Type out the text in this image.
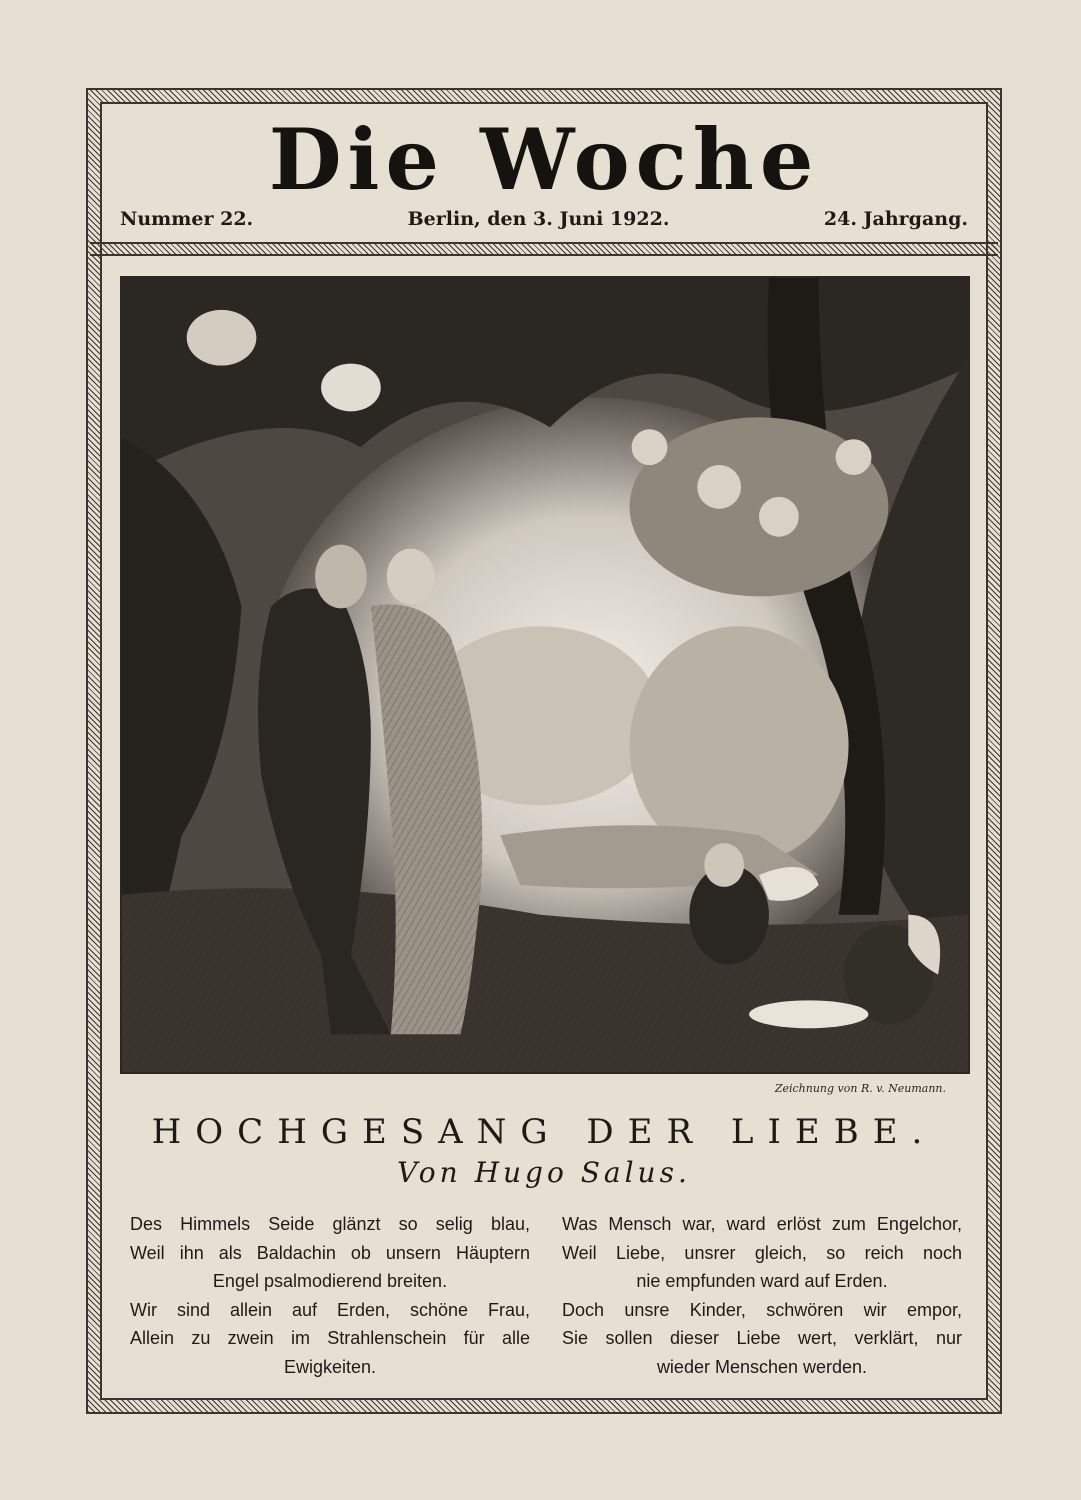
Die Woche
Nummer 22.	Berlin, den 3. Juni 1922.	24. Jahrgang.
Zeichnung von R. v. Neumann.
HOCHGESANG DER LIEBE.
Von Hugo Salus.
Des Himmels Seide glänzt so selig blau,
Weil ihn als Baldachin ob unsern Häuptern
Engel psalmodierend breiten.
Wir sind allein auf Erden, schöne Frau,
Allein zu zwein im Strahlenschein für alle
Ewigkeiten.
Was Mensch war, ward erlöst zum Engelchor,
Weil Liebe, unsrer gleich, so reich noch
nie empfunden ward auf Erden.
Doch unsre Kinder, schwören wir empor,
Sie sollen dieser Liebe wert, verklärt, nur
wieder Menschen werden.
